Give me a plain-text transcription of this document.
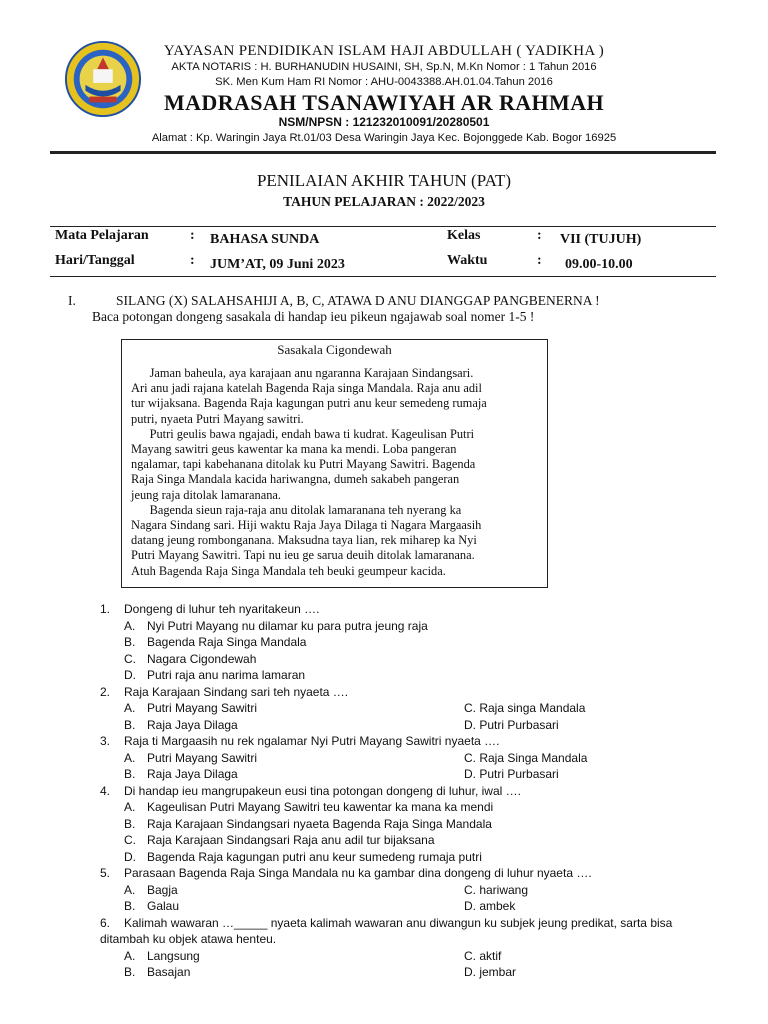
YAYASAN PENDIDIKAN ISLAM HAJI ABDULLAH ( YADIKHA )
AKTA NOTARIS : H. BURHANUDIN HUSAINI, SH, Sp.N, M.Kn Nomor : 1 Tahun 2016
SK. Men Kum Ham RI Nomor : AHU-0043388.AH.01.04.Tahun 2016
MADRASAH TSANAWIYAH AR RAHMAH
NSM/NPSN : 121232010091/20280501
Alamat : Kp. Waringin Jaya Rt.01/03 Desa Waringin Jaya Kec. Bojonggede Kab. Bogor 16925
PENILAIAN AKHIR TAHUN (PAT)
TAHUN PELAJARAN : 2022/2023
Mata Pelajaran	: BAHASA SUNDA	Kelas	: VII (TUJUH)
Hari/Tanggal	: JUM’AT, 09 Juni 2023	Waktu	: 09.00-10.00
I.	SILANG (X) SALAHSAHIJI A, B, C, ATAWA D ANU DIANGGAP PANGBENERNA !
Baca potongan dongeng sasakala di handap ieu pikeun ngajawab soal nomer 1-5 !
Sasakala Cigondewah
Jaman baheula, aya karajaan anu ngaranna Karajaan Sindangsari.
Ari anu jadi rajana katelah Bagenda Raja singa Mandala. Raja anu adil
tur wijaksana. Bagenda Raja kagungan putri anu keur semedeng rumaja
putri, nyaeta Putri Mayang sawitri.
Putri geulis bawa ngajadi, endah bawa ti kudrat. Kageulisan Putri
Mayang sawitri geus kawentar ka mana ka mendi. Loba pangeran
ngalamar, tapi kabehanana ditolak ku Putri Mayang Sawitri. Bagenda
Raja Singa Mandala kacida hariwangna, dumeh sakabeh pangeran
jeung raja ditolak lamaranana.
Bagenda sieun raja-raja anu ditolak lamaranana teh nyerang ka
Nagara Sindang sari. Hiji waktu Raja Jaya Dilaga ti Nagara Margaasih
datang jeung rombonganana. Maksudna taya lian, rek miharep ka Nyi
Putri Mayang Sawitri. Tapi nu ieu ge sarua deuih ditolak lamaranana.
Atuh Bagenda Raja Singa Mandala teh beuki geumpeur kacida.
1. Dongeng di luhur teh nyaritakeun ….
A. Nyi Putri Mayang nu dilamar ku para putra jeung raja
B. Bagenda Raja Singa Mandala
C. Nagara Cigondewah
D. Putri raja anu narima lamaran
2. Raja Karajaan Sindang sari teh nyaeta ….
A. Putri Mayang Sawitri	C. Raja singa Mandala
B. Raja Jaya Dilaga	D. Putri Purbasari
3. Raja ti Margaasih nu rek ngalamar Nyi Putri Mayang Sawitri nyaeta ….
A. Putri Mayang Sawitri	C. Raja Singa Mandala
B. Raja Jaya Dilaga	D. Putri Purbasari
4. Di handap ieu mangrupakeun eusi tina potongan dongeng di luhur, iwal ….
A. Kageulisan Putri Mayang Sawitri teu kawentar ka mana ka mendi
B. Raja Karajaan Sindangsari nyaeta Bagenda Raja Singa Mandala
C. Raja Karajaan Sindangsari Raja anu adil tur bijaksana
D. Bagenda Raja kagungan putri anu keur sumedeng rumaja putri
5. Parasaan Bagenda Raja Singa Mandala nu ka gambar dina dongeng di luhur nyaeta ….
A. Bagja	C. hariwang
B. Galau	D. ambek
6. Kalimah wawaran …_____ nyaeta kalimah wawaran anu diwangun ku subjek jeung predikat, sarta bisa
ditambah ku objek atawa henteu.
A. Langsung	C. aktif
B. Basajan	D. jembar
